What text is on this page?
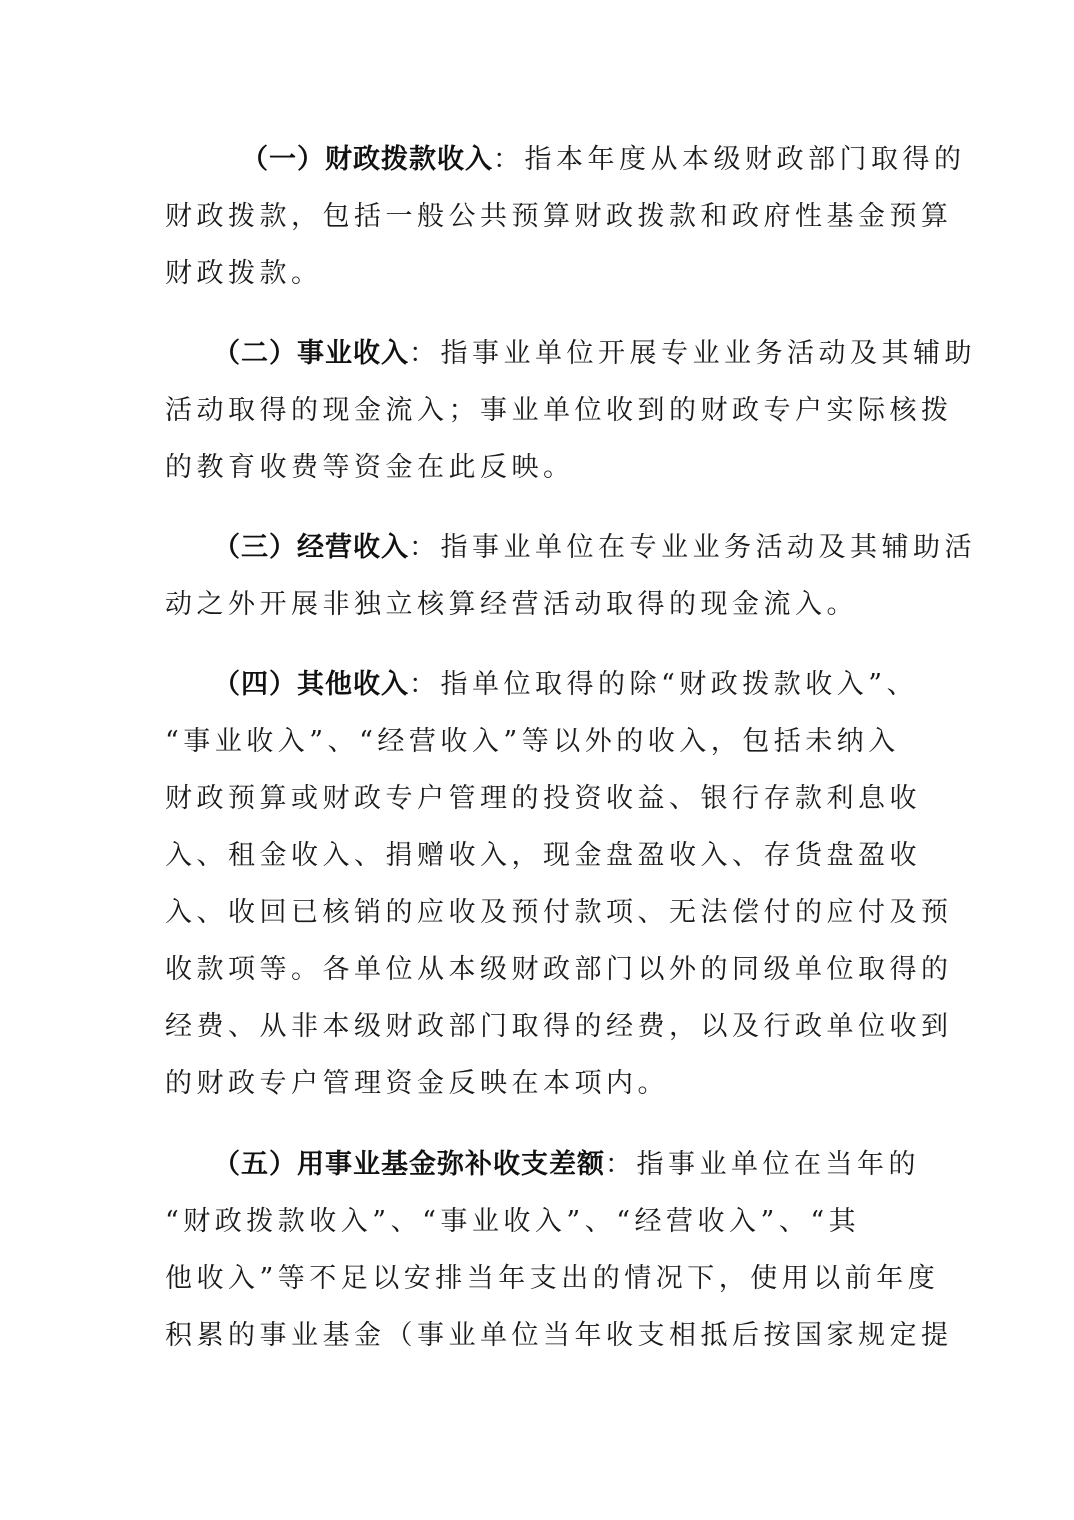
（一）财政拨款收入：指本年度从本级财政部门取得的
财政拨款，包括一般公共预算财政拨款和政府性基金预算
财政拨款。
（二）事业收入：指事业单位开展专业业务活动及其辅助
活动取得的现金流入；事业单位收到的财政专户实际核拨
的教育收费等资金在此反映。
（三）经营收入：指事业单位在专业业务活动及其辅助活
动之外开展非独立核算经营活动取得的现金流入。
（四）其他收入：指单位取得的除“财政拨款收入”、
“事业收入”、“经营收入”等以外的收入，包括未纳入
财政预算或财政专户管理的投资收益、银行存款利息收
入、租金收入、捐赠收入，现金盘盈收入、存货盘盈收
入、收回已核销的应收及预付款项、无法偿付的应付及预
收款项等。各单位从本级财政部门以外的同级单位取得的
经费、从非本级财政部门取得的经费，以及行政单位收到
的财政专户管理资金反映在本项内。
（五）用事业基金弥补收支差额：指事业单位在当年的
“财政拨款收入”、“事业收入”、“经营收入”、“其
他收入”等不足以安排当年支出的情况下，使用以前年度
积累的事业基金（事业单位当年收支相抵后按国家规定提
